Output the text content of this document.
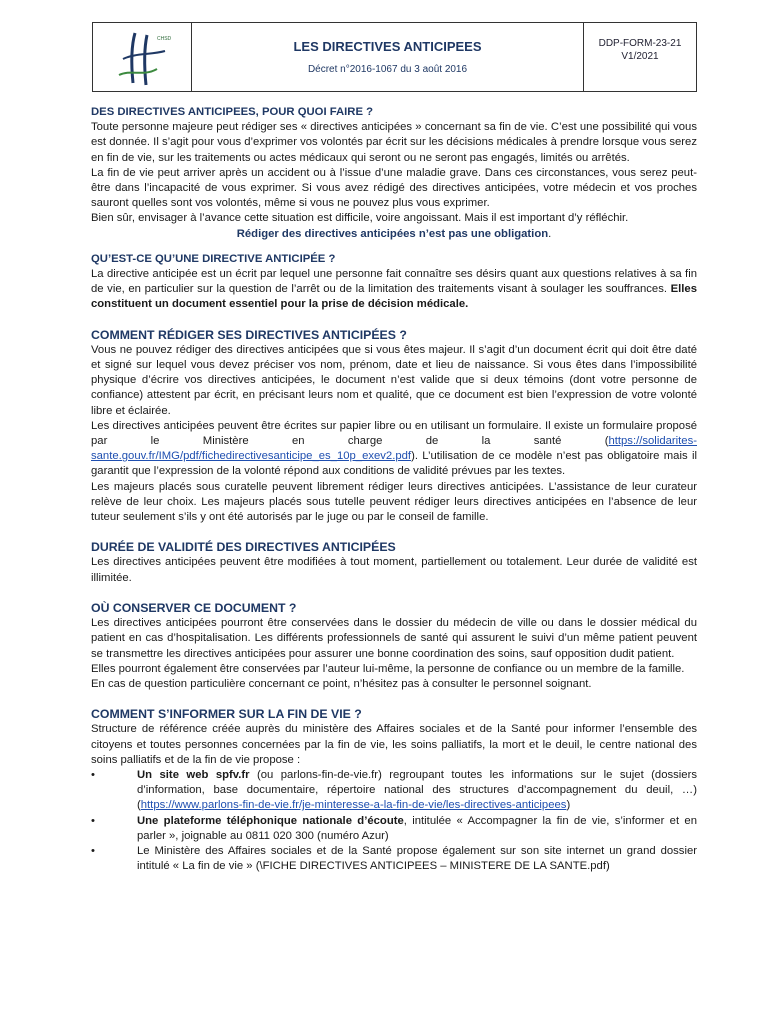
CHSD	LES DIRECTIVES ANTICIPEES
Décret n°2016-1067 du 3 août 2016
DDP-FORM-23-21
V1/2021
DES DIRECTIVES ANTICIPEES, POUR QUOI FAIRE ?

Toute personne majeure peut rédiger ses « directives anticipées » concernant sa fin de vie. C’est une possibilité qui vous est donnée. Il s’agit pour vous d’exprimer vos volontés par écrit sur les décisions médicales à prendre lorsque vous serez en fin de vie, sur les traitements ou actes médicaux qui seront ou ne seront pas engagés, limités ou arrêtés.

La fin de vie peut arriver après un accident ou à l’issue d’une maladie grave. Dans ces circonstances, vous serez peut-être dans l’incapacité de vous exprimer. Si vous avez rédigé des directives anticipées, votre médecin et vos proches sauront quelles sont vos volontés, même si vous ne pouvez plus vous exprimer.

Bien sûr, envisager à l’avance cette situation est difficile, voire angoissant. Mais il est important d’y réfléchir.

Rédiger des directives anticipées n’est pas une obligation.

QU’EST-CE QU’UNE DIRECTIVE ANTICIPÉE ?

La directive anticipée est un écrit par lequel une personne fait connaître ses désirs quant aux questions relatives à sa fin de vie, en particulier sur la question de l’arrêt ou de la limitation des traitements visant à soulager les souffrances. Elles constituent un document essentiel pour la prise de décision médicale.

COMMENT RÉDIGER SES DIRECTIVES ANTICIPÉES ?

Vous ne pouvez rédiger des directives anticipées que si vous êtes majeur. Il s’agit d’un document écrit qui doit être daté et signé sur lequel vous devez préciser vos nom, prénom, date et lieu de naissance. Si vous êtes dans l’impossibilité physique d’écrire vos directives anticipées, le document n’est valide que si deux témoins (dont votre personne de confiance) attestent par écrit, en précisant leurs nom et qualité, que ce document est bien l’expression de votre volonté libre et éclairée.

Les directives anticipées peuvent être écrites sur papier libre ou en utilisant un formulaire. Il existe un formulaire proposé par le Ministère en charge de la santé (https://solidarites-sante.gouv.fr/IMG/pdf/fichedirectivesanticipe_es_10p_exev2.pdf). L’utilisation de ce modèle n’est pas obligatoire mais il garantit que l’expression de la volonté répond aux conditions de validité prévues par les textes.

Les majeurs placés sous curatelle peuvent librement rédiger leurs directives anticipées. L’assistance de leur curateur relève de leur choix. Les majeurs placés sous tutelle peuvent rédiger leurs directives anticipées en l’absence de leur tuteur seulement s’ils y ont été autorisés par le juge ou par le conseil de famille.

DURÉE DE VALIDITÉ DES DIRECTIVES ANTICIPÉES

Les directives anticipées peuvent être modifiées à tout moment, partiellement ou totalement. Leur durée de validité est illimitée.

OÙ CONSERVER CE DOCUMENT ?

Les directives anticipées pourront être conservées dans le dossier du médecin de ville ou dans le dossier médical du patient en cas d’hospitalisation. Les différents professionnels de santé qui assurent le suivi d’un même patient peuvent se transmettre les directives anticipées pour assurer une bonne coordination des soins, sauf opposition dudit patient.

Elles pourront également être conservées par l’auteur lui-même, la personne de confiance ou un membre de la famille.

En cas de question particulière concernant ce point, n’hésitez pas à consulter le personnel soignant.

COMMENT S’INFORMER SUR LA FIN DE VIE ?

Structure de référence créée auprès du ministère des Affaires sociales et de la Santé pour informer l’ensemble des citoyens et toutes personnes concernées par la fin de vie, les soins palliatifs, la mort et le deuil, le centre national des soins palliatifs et de la fin de vie propose :

•	Un site web spfv.fr (ou parlons-fin-de-vie.fr) regroupant toutes les informations sur le sujet (dossiers d’information, base documentaire, répertoire national des structures d’accompagnement du deuil, …) (https://www.parlons-fin-de-vie.fr/je-minteresse-a-la-fin-de-vie/les-directives-anticipees)
•	Une plateforme téléphonique nationale d’écoute, intitulée « Accompagner la fin de vie, s’informer et en parler », joignable au 0811 020 300 (numéro Azur)
•	Le Ministère des Affaires sociales et de la Santé propose également sur son site internet un grand dossier intitulé « La fin de vie » (\FICHE DIRECTIVES ANTICIPEES – MINISTERE DE LA SANTE.pdf)
